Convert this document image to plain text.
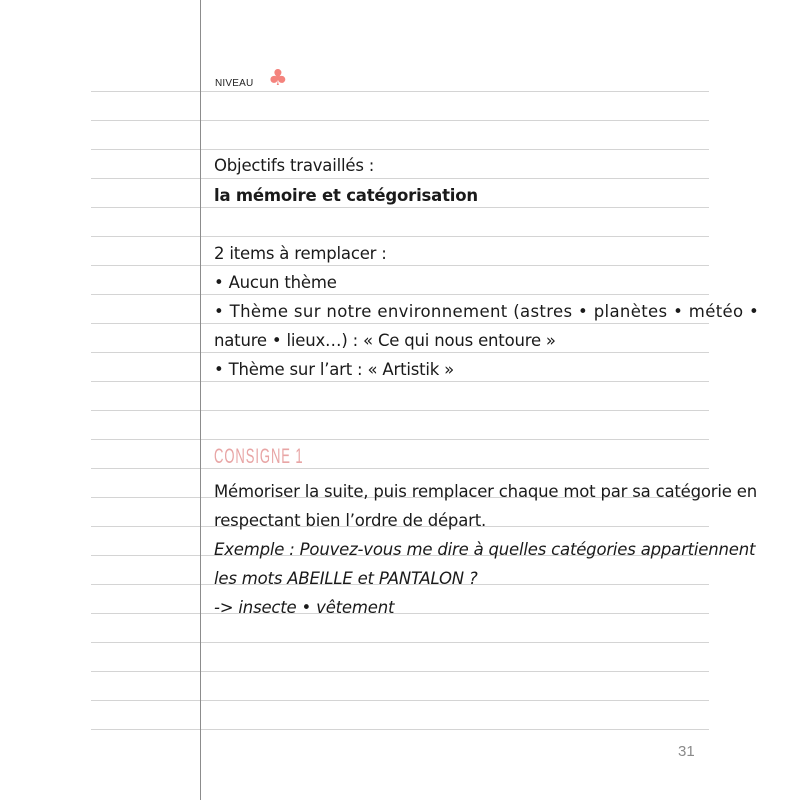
NIVEAU ♣
Objectifs travaillés :
la mémoire et catégorisation
2 items à remplacer :
• Aucun thème
• Thème sur notre environnement (astres • planètes • météo •
nature • lieux…) : « Ce qui nous entoure »
• Thème sur l’art : « Artistik »
CONSIGNE 1
Mémoriser la suite, puis remplacer chaque mot par sa catégorie en
respectant bien l’ordre de départ.
Exemple : Pouvez-vous me dire à quelles catégories appartiennent
les mots ABEILLE et PANTALON ?
-> insecte • vêtement
31
